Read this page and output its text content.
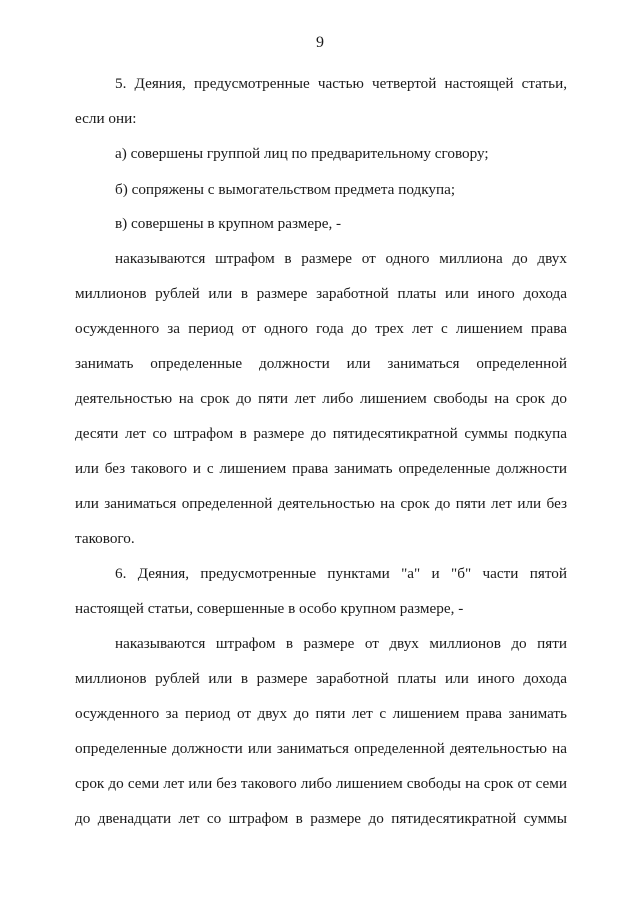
9
5. Деяния, предусмотренные частью четвертой настоящей статьи,
если они:
а) совершены группой лиц по предварительному сговору;
б) сопряжены с вымогательством предмета подкупа;
в) совершены в крупном размере, -
наказываются штрафом в размере от одного миллиона до двух
миллионов рублей или в размере заработной платы или иного дохода
осужденного за период от одного года до трех лет с лишением права
занимать определенные должности или заниматься определенной
деятельностью на срок до пяти лет либо лишением свободы на срок до
десяти лет со штрафом в размере до пятидесятикратной суммы подкупа
или без такового и с лишением права занимать определенные должности
или заниматься определенной деятельностью на срок до пяти лет или без
такового.
6. Деяния, предусмотренные пунктами "а" и "б" части пятой
настоящей статьи, совершенные в особо крупном размере, -
наказываются штрафом в размере от двух миллионов до пяти
миллионов рублей или в размере заработной платы или иного дохода
осужденного за период от двух до пяти лет с лишением права занимать
определенные должности или заниматься определенной деятельностью на
срок до семи лет или без такового либо лишением свободы на срок от семи
до двенадцати лет со штрафом в размере до пятидесятикратной суммы
